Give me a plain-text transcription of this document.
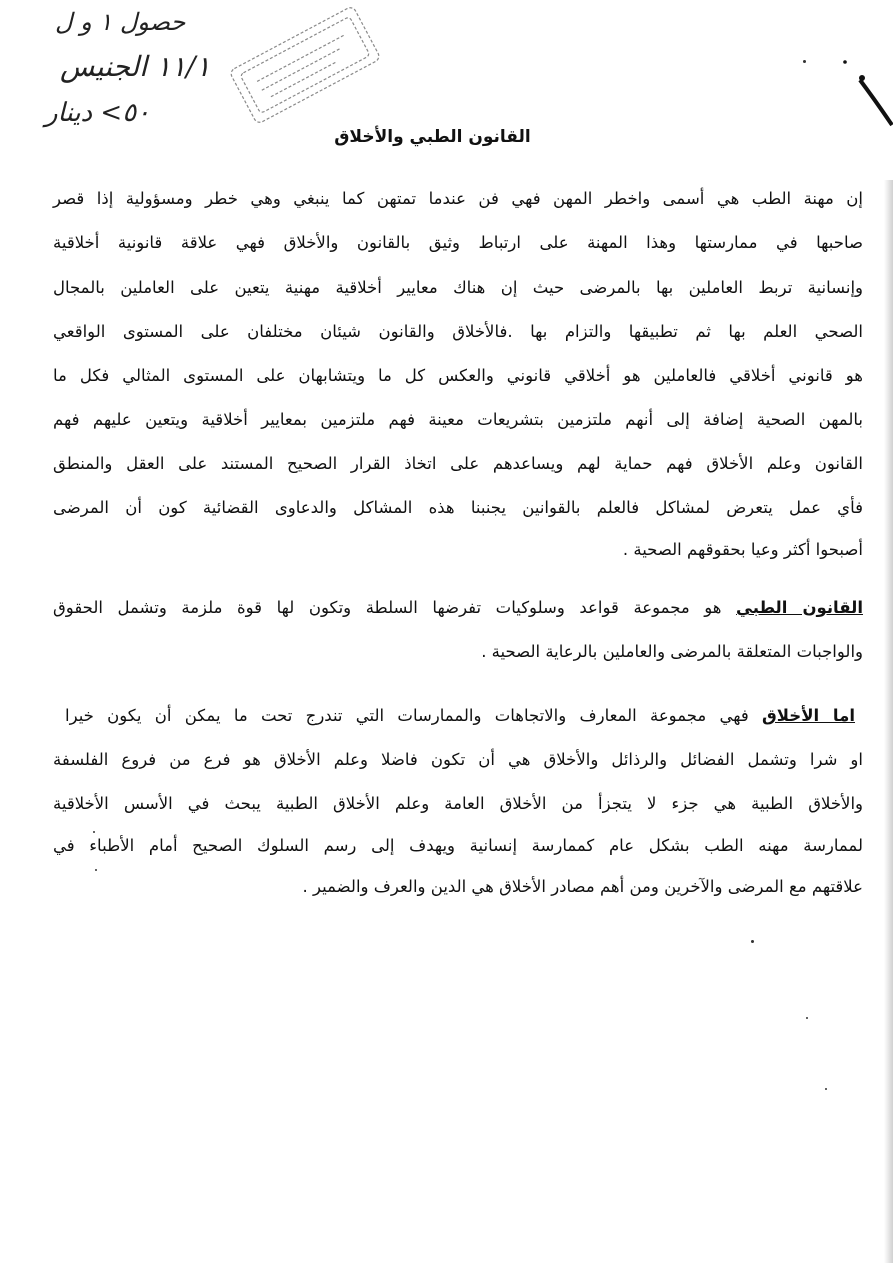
حصول ١ و ل
١١/١ الجنيس
٥٠> دينار
القانون الطبي والأخلاق
إن مهنة الطب هي أسمى واخطر المهن فهي فن عندما تمتهن كما ينبغي وهي خطر ومسؤولية إذا قصر
صاحبها في ممارستها وهذا المهنة على ارتباط وثيق بالقانون والأخلاق فهي علاقة قانونية أخلاقية
وإنسانية تربط العاملين بها بالمرضى حيث إن هناك معايير أخلاقية مهنية يتعين على العاملين بالمجال
الصحي العلم بها ثم تطبيقها والتزام بها .فالأخلاق والقانون شيئان مختلفان على المستوى الواقعي
هو قانوني أخلاقي فالعاملين هو أخلاقي قانوني والعكس كل ما ويتشابهان على المستوى المثالي فكل ما
بالمهن الصحية إضافة إلى أنهم ملتزمين بتشريعات معينة فهم ملتزمين بمعايير أخلاقية ويتعين عليهم فهم
القانون وعلم الأخلاق فهم حماية لهم ويساعدهم على اتخاذ القرار الصحيح المستند على العقل والمنطق
فأي عمل يتعرض لمشاكل فالعلم بالقوانين يجنبنا هذه المشاكل والدعاوى القضائية كون أن المرضى
أصبحوا أكثر وعيا بحقوقهم الصحية .
القانون الطبي هو مجموعة قواعد وسلوكيات تفرضها السلطة وتكون لها قوة ملزمة وتشمل الحقوق
والواجبات المتعلقة بالمرضى والعاملين بالرعاية الصحية .
اما الأخلاق فهي مجموعة المعارف والاتجاهات والممارسات التي تندرج تحت ما يمكن أن يكون خيرا
او شرا وتشمل الفضائل والرذائل والأخلاق هي أن تكون فاضلا وعلم الأخلاق هو فرع من فروع الفلسفة
والأخلاق الطبية هي جزء لا يتجزأ من الأخلاق العامة وعلم الأخلاق الطبية يبحث في الأسس الأخلاقية
لممارسة مهنه الطب بشكل عام كممارسة إنسانية ويهدف إلى رسم السلوك الصحيح أمام الأطباء في
علاقتهم مع المرضى والآخرين ومن أهم مصادر الأخلاق هي الدين والعرف والضمير .
